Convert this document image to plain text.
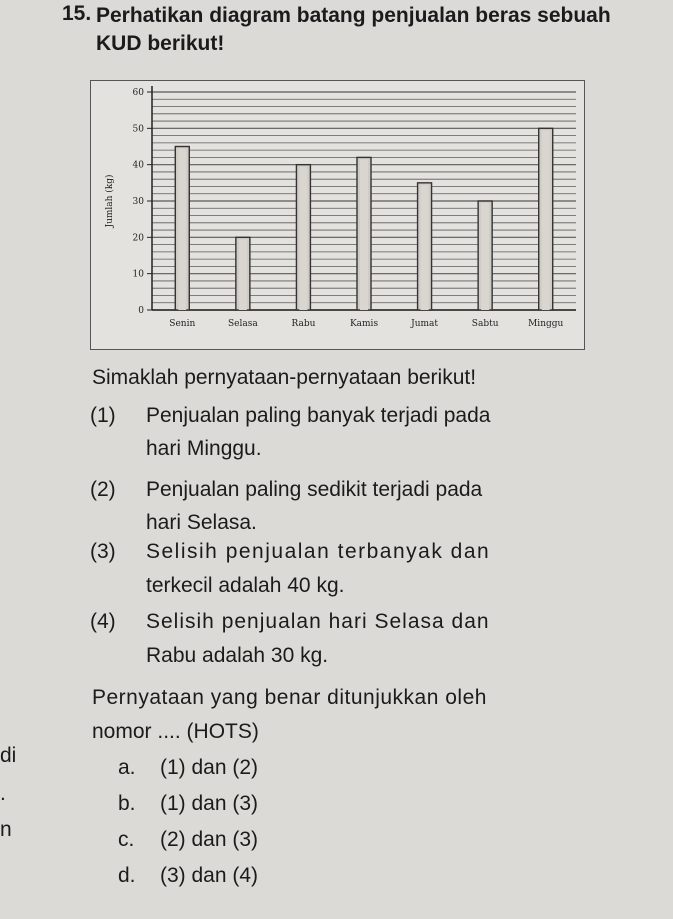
15. Perhatikan diagram batang penjualan beras sebuah KUD berikut!
0
10
20
30
40
50
60
Jumlah (kg)
Senin	Selasa	Rabu	Kamis	Jumat	Sabtu	Minggu
Simaklah pernyataan-pernyataan berikut!
(1) Penjualan paling banyak terjadi pada
hari Minggu.
(2) Penjualan paling sedikit terjadi pada
hari Selasa.
(3) Selisih penjualan terbanyak dan
terkecil adalah 40 kg.
(4) Selisih penjualan hari Selasa dan
Rabu adalah 30 kg.
Pernyataan yang benar ditunjukkan oleh
nomor .... (HOTS)
a. (1) dan (2)
b. (1) dan (3)
c. (2) dan (3)
d. (3) dan (4)
di
.
n
